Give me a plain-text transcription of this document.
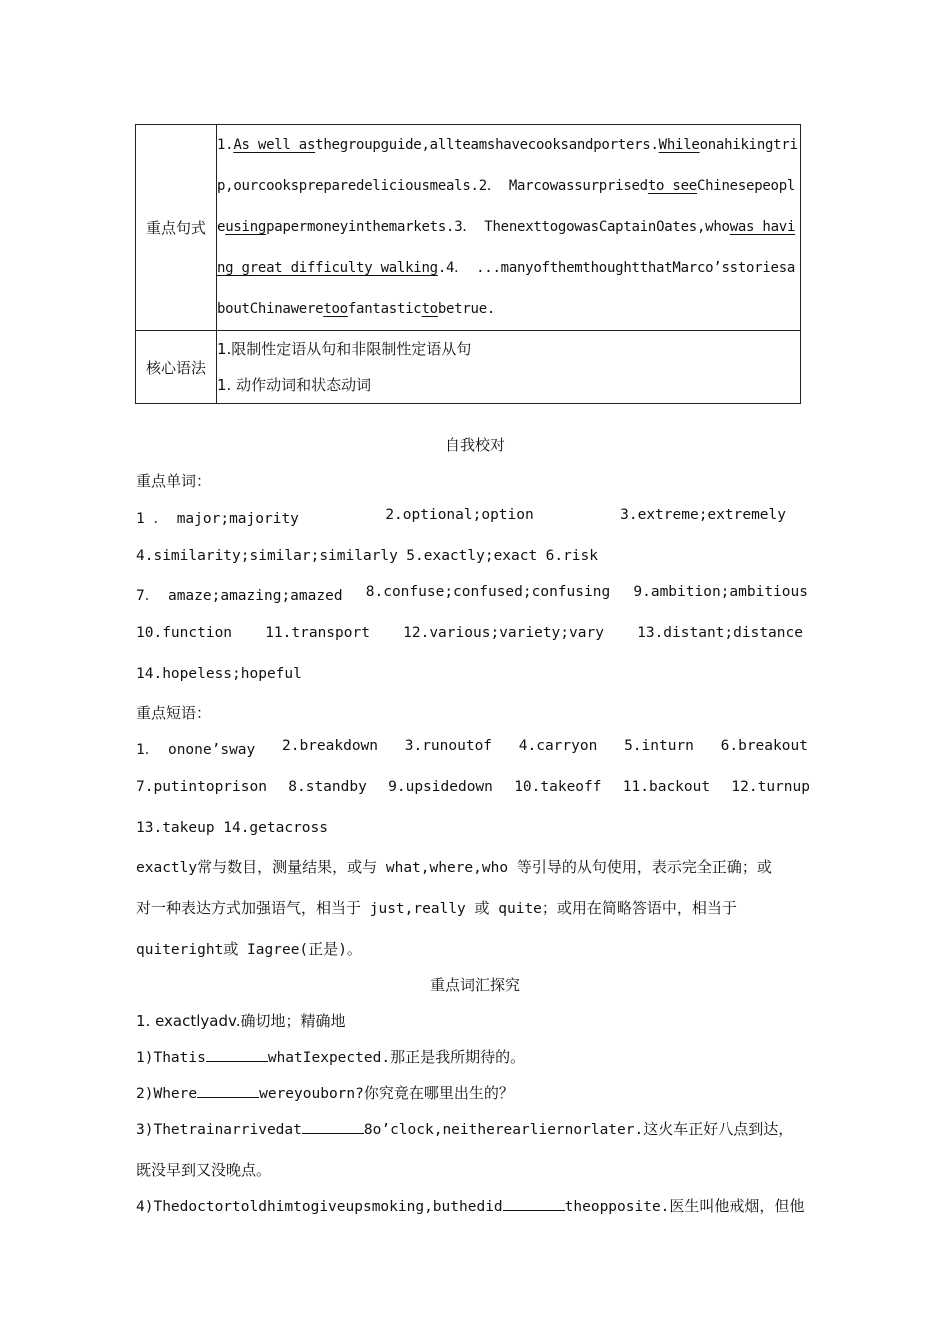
重点句式	1.As well asthegroupguide,allteamshavecooksandporters.Whileonahikingtrip,ourcookspreparedeliciousmeals.2． Marcowassurprisedto seeChinesepeopleusingpapermoneyinthemarkets.3． ThenexttogowasCaptainOates,whowas having great difficulty walking.4． ...manyofthemthoughtthatMarco’sstoriesaboutChinaweretoofantastictobetrue.
核心语法	1.限制性定语从句和非限制性定语从句
1. 动作动词和状态动词
自我校对
重点单词：
1 ． major;majority	2.optional;option	3.extreme;extremely
4.similarity;similar;similarly 5.exactly;exact 6.risk
7． amaze;amazing;amazed 8.confuse;confused;confusing 9.ambition;ambitious
10.function 11.transport 12.various;variety;vary 13.distant;distance
14.hopeless;hopeful
重点短语：
1． onone’sway 2.breakdown 3.runoutof 4.carryon 5.inturn 6.breakout
7.putintoprison 8.standby 9.upsidedown 10.takeoff 11.backout 12.turnup
13.takeup 14.getacross
exactly常与数目，测量结果，或与 what,where,who 等引导的从句使用，表示完全正确；或
对一种表达方式加强语气，相当于 just,really 或 quite；或用在简略答语中，相当于
quiteright或 Iagree(正是)。
重点词汇探究
1. exactlyadv.确切地；精确地
1)Thatis	whatIexpected.那正是我所期待的。
2)Where	wereyouborn?你究竟在哪里出生的？
3)Thetrainarrivedat	8o’clock,neitherearliernorlater.这火车正好八点到达，
既没早到又没晚点。
4)Thedoctortoldhimtogiveupsmoking,buthedid	theopposite.医生叫他戒烟，但他
